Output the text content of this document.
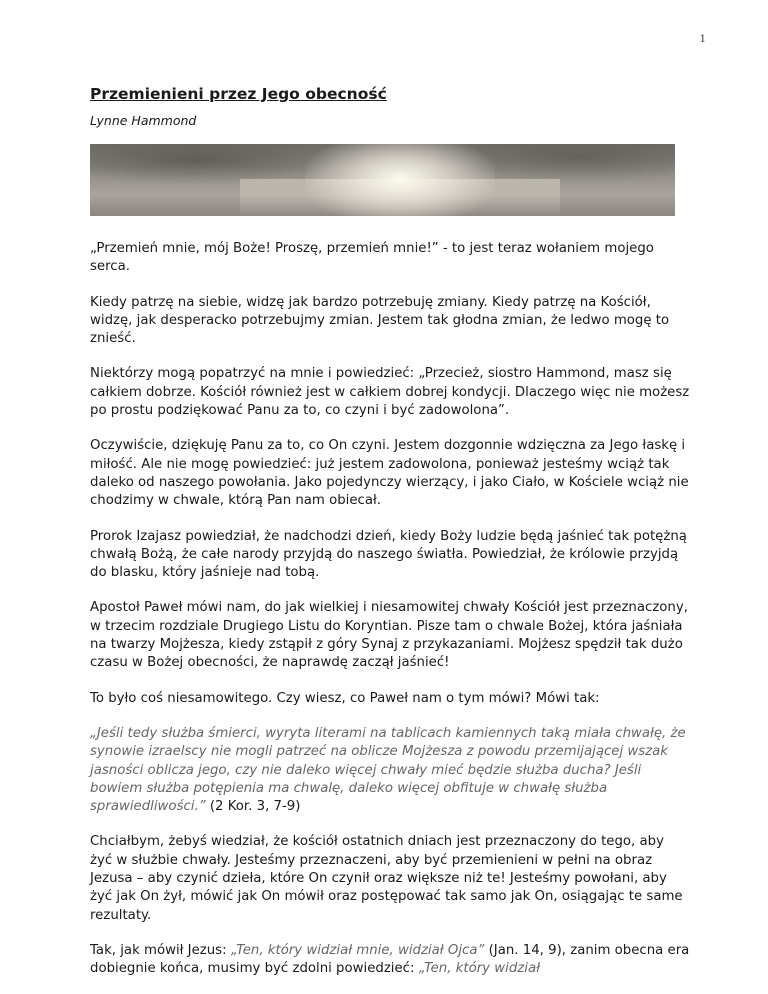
1
Przemienieni przez Jego obecność
Lynne Hammond

„Przemień mnie, mój Boże! Proszę, przemień mnie!” - to jest teraz wołaniem mojego serca.

Kiedy patrzę na siebie, widzę jak bardzo potrzebuję zmiany. Kiedy patrzę na Kościół, widzę, jak desperacko potrzebujmy zmian. Jestem tak głodna zmian, że ledwo mogę to znieść.

Niektórzy mogą popatrzyć na mnie i powiedzieć: „Przecież, siostro Hammond, masz się całkiem dobrze. Kościół również jest w całkiem dobrej kondycji. Dlaczego więc nie możesz po prostu podziękować Panu za to, co czyni i być zadowolona”.

Oczywiście, dziękuję Panu za to, co On czyni. Jestem dozgonnie wdzięczna za Jego łaskę i miłość. Ale nie mogę powiedzieć: już jestem zadowolona, ponieważ jesteśmy wciąż tak daleko od naszego powołania. Jako pojedynczy wierzący, i jako Ciało, w Kościele wciąż nie chodzimy w chwale, którą Pan nam obiecał.

Prorok Izajasz powiedział, że nadchodzi dzień, kiedy Boży ludzie będą jaśnieć tak potężną chwałą Bożą, że całe narody przyjdą do naszego światła. Powiedział, że królowie przyjdą do blasku, który jaśnieje nad tobą.

Apostoł Paweł mówi nam, do jak wielkiej i niesamowitej chwały Kościół jest przeznaczony, w trzecim rozdziale Drugiego Listu do Koryntian. Pisze tam o chwale Bożej, która jaśniała na twarzy Mojżesza, kiedy zstąpił z góry Synaj z przykazaniami. Mojżesz spędził tak dużo czasu w Bożej obecności, że naprawdę zaczął jaśnieć!

To było coś niesamowitego. Czy wiesz, co Paweł nam o tym mówi? Mówi tak:

„Jeśli tedy służba śmierci, wyryta literami na tablicach kamiennych taką miała chwałę, że synowie izraelscy nie mogli patrzeć na oblicze Mojżesza z powodu przemijającej wszak jasności oblicza jego, czy nie daleko więcej chwały mieć będzie służba ducha? Jeśli bowiem służba potępienia ma chwalę, daleko więcej obfituje w chwałę służba sprawiedliwości.” (2 Kor. 3, 7-9)

Chciałbym, żebyś wiedział, że kościół ostatnich dniach jest przeznaczony do tego, aby żyć w służbie chwały. Jesteśmy przeznaczeni, aby być przemienieni w pełni na obraz Jezusa – aby czynić dzieła, które On czynił oraz większe niż te! Jesteśmy powołani, aby żyć jak On żył, mówić jak On mówił oraz postępować tak samo jak On, osiągając te same rezultaty.

Tak, jak mówił Jezus: „Ten, który widział mnie, widział Ojca” (Jan. 14, 9), zanim obecna era dobiegnie końca, musimy być zdolni powiedzieć: „Ten, który widział
